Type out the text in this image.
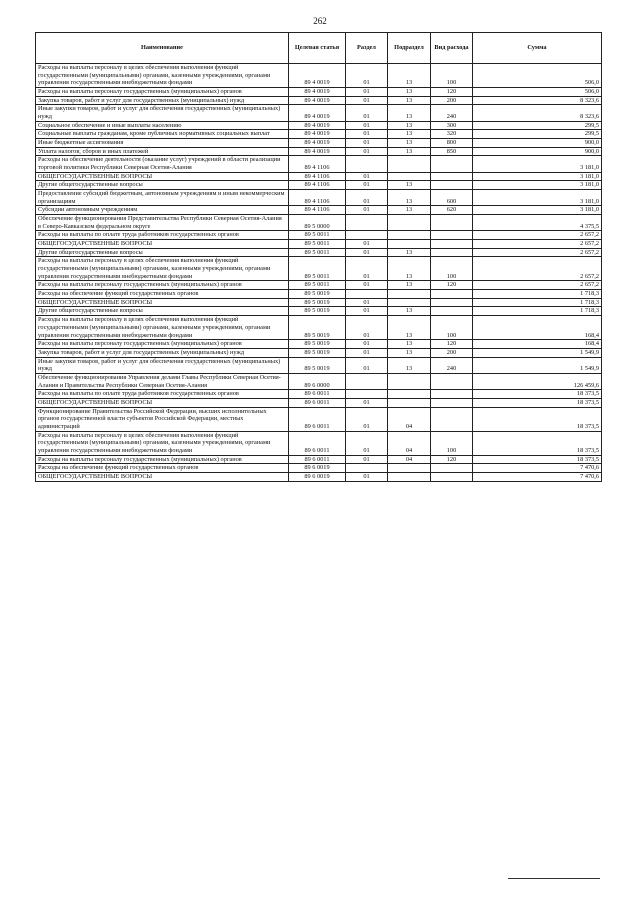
262
Наименование	Целевая статья	Раздел	Подраздел	Вид расхода	Сумма
Расходы на выплаты персоналу в целях обеспечения выполнения функций государственными (муниципальными) органами, казенными учреждениями, органами управления государственными внебюджетными фондами	89 4 0019	01	13	100	506,0
Расходы на выплаты персоналу государственных (муниципальных) органов	89 4 0019	01	13	120	506,0
Закупка товаров, работ и услуг для государственных (муниципальных) нужд	89 4 0019	01	13	200	8 323,6
Иные закупки товаров, работ и услуг для обеспечения государственных (муниципальных) нужд	89 4 0019	01	13	240	8 323,6
Социальное обеспечение и иные выплаты населению	89 4 0019	01	13	300	299,5
Социальные выплаты гражданам, кроме публичных нормативных социальных выплат	89 4 0019	01	13	320	299,5
Иные бюджетные ассигнования	89 4 0019	01	13	800	900,0
Уплата налогов, сборов и иных платежей	89 4 0019	01	13	850	900,0
Расходы на обеспечение деятельности (оказание услуг) учреждений в области реализации торговой политики Республики Северная Осетия-Алания	89 4 1106				3 181,0
ОБЩЕГОСУДАРСТВЕННЫЕ ВОПРОСЫ	89 4 1106	01			3 181,0
Другие общегосударственные вопросы	89 4 1106	01	13		3 181,0
Предоставление субсидий бюджетным, автономным учреждениям и иным некоммерческим организациям	89 4 1106	01	13	600	3 181,0
Субсидии автономным учреждениям	89 4 1106	01	13	620	3 181,0
Обеспечение функционирования Представительства Республики Северная Осетия-Алания в Северо-Кавказском федеральном округе	89 5 0000				4 375,5
Расходы на выплаты по оплате труда работников государственных органов	89 5 0011				2 657,2
ОБЩЕГОСУДАРСТВЕННЫЕ ВОПРОСЫ	89 5 0011	01			2 657,2
Другие общегосударственные вопросы	89 5 0011	01	13		2 657,2
Расходы на выплаты персоналу в целях обеспечения выполнения функций государственными (муниципальными) органами, казенными учреждениями, органами управления государственными внебюджетными фондами	89 5 0011	01	13	100	2 657,2
Расходы на выплаты персоналу государственных (муниципальных) органов	89 5 0011	01	13	120	2 657,2
Расходы на обеспечение функций государственных органов	89 5 0019				1 718,3
ОБЩЕГОСУДАРСТВЕННЫЕ ВОПРОСЫ	89 5 0019	01			1 718,3
Другие общегосударственные вопросы	89 5 0019	01	13		1 718,3
Расходы на выплаты персоналу в целях обеспечения выполнения функций государственными (муниципальными) органами, казенными учреждениями, органами управления государственными внебюджетными фондами	89 5 0019	01	13	100	168,4
Расходы на выплаты персоналу государственных (муниципальных) органов	89 5 0019	01	13	120	168,4
Закупка товаров, работ и услуг для государственных (муниципальных) нужд	89 5 0019	01	13	200	1 549,9
Иные закупки товаров, работ и услуг для обеспечения государственных (муниципальных) нужд	89 5 0019	01	13	240	1 549,9
Обеспечение функционирования Управления делами Главы Республики Северная Осетия-Алания и Правительства Республики Северная Осетия-Алания	89 6 0000				126 459,6
Расходы на выплаты по оплате труда работников государственных органов	89 6 0011				18 373,5
ОБЩЕГОСУДАРСТВЕННЫЕ ВОПРОСЫ	89 6 0011	01			18 373,5
Функционирование Правительства Российской Федерации, высших исполнительных органов государственной власти субъектов Российской Федерации, местных администраций	89 6 0011	01	04		18 373,5
Расходы на выплаты персоналу в целях обеспечения выполнения функций государственными (муниципальными) органами, казенными учреждениями, органами управления государственными внебюджетными фондами	89 6 0011	01	04	100	18 373,5
Расходы на выплаты персоналу государственных (муниципальных) органов	89 6 0011	01	04	120	18 373,5
Расходы на обеспечение функций государственных органов	89 6 0019				7 470,6
ОБЩЕГОСУДАРСТВЕННЫЕ ВОПРОСЫ	89 6 0019	01			7 470,6
